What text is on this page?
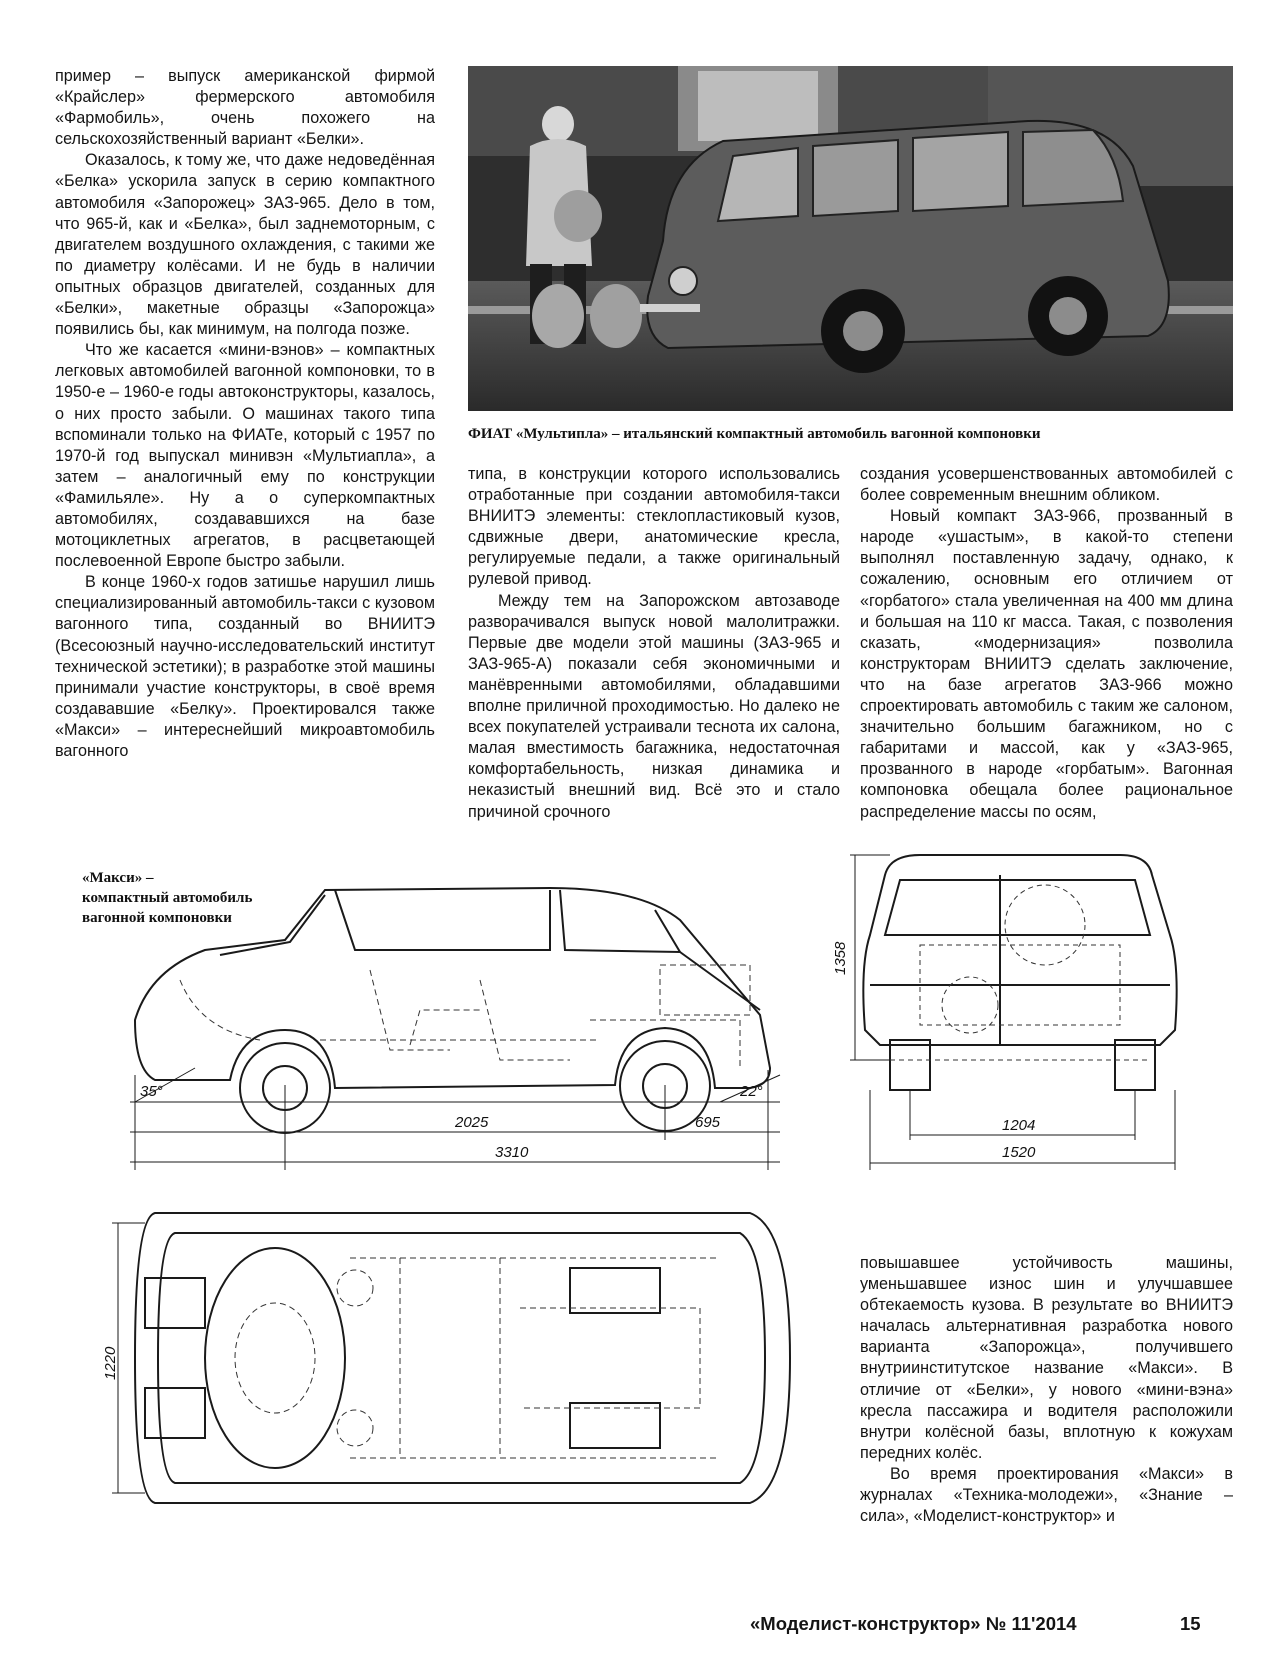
пример – выпуск американской фирмой «Крайслер» фермерского автомобиля «Фармобиль», очень похожего на сельскохозяйственный вариант «Белки».

Оказалось, к тому же, что даже недоведённая «Белка» ускорила запуск в серию компактного автомобиля «Запорожец» ЗАЗ-965. Дело в том, что 965-й, как и «Белка», был заднемоторным, с двигателем воздушного охлаждения, с такими же по диаметру колёсами. И не будь в наличии опытных образцов двигателей, созданных для «Белки», макетные образцы «Запорожца» появились бы, как минимум, на полгода позже.

Что же касается «мини-вэнов» – компактных легковых автомобилей вагонной компоновки, то в 1950-е – 1960-е годы автоконструкторы, казалось, о них просто забыли. О машинах такого типа вспоминали только на ФИАТе, который с 1957 по 1970-й год выпускал минивэн «Мультиапла», а затем – аналогичный ему по конструкции «Фамильяле». Ну а о суперкомпактных автомобилях, создававшихся на базе мотоциклетных агрегатов, в расцветающей послевоенной Европе быстро забыли.

В конце 1960-х годов затишье нарушил лишь специализированный автомобиль-такси с кузовом вагонного типа, созданный во ВНИИТЭ (Всесоюзный научно-исследовательский институт технической эстетики); в разработке этой машины принимали участие конструкторы, в своё время создававшие «Белку». Проектировался также «Макси» – интереснейший микроавтомобиль вагонного

ФИАТ «Мультипла» – итальянский компактный автомобиль вагонной компоновки

типа, в конструкции которого использовались отработанные при создании автомобиля-такси ВНИИТЭ элементы: стеклопластиковый кузов, сдвижные двери, анатомические кресла, регулируемые педали, а также оригинальный рулевой привод.

Между тем на Запорожском автозаводе разворачивался выпуск новой малолитражки. Первые две модели этой машины (ЗАЗ-965 и ЗАЗ-965-А) показали себя экономичными и манёвренными автомобилями, обладавшими вполне приличной проходимостью. Но далеко не всех покупателей устраивали теснота их салона, малая вместимость багажника, недостаточная комфортабельность, низкая динамика и неказистый внешний вид. Всё это и стало причиной срочного

создания усовершенствованных автомобилей с более современным внешним обликом.

Новый компакт ЗАЗ-966, прозванный в народе «ушастым», в какой-то степени выполнял поставленную задачу, однако, к сожалению, основным его отличием от «горбатого» стала увеличенная на 400 мм длина и большая на 110 кг масса. Такая, с позволения сказать, «модернизация» позволила конструкторам ВНИИТЭ сделать заключение, что на базе агрегатов ЗАЗ-966 можно спроектировать автомобиль с таким же салоном, значительно большим багажником, но с габаритами и массой, как у «ЗАЗ-965, прозванного в народе «горбатым». Вагонная компоновка обещала более рациональное распределение массы по осям,

«Макси» –
компактный автомобиль
вагонной компоновки
35°	22°
2025	695
3310
1358
1204
1520
1220

повышавшее устойчивость машины, уменьшавшее износ шин и улучшавшее обтекаемость кузова. В результате во ВНИИТЭ началась альтернативная разработка нового варианта «Запорожца», получившего внутриинститутское название «Макси». В отличие от «Белки», у нового «мини-вэна» кресла пассажира и водителя расположили внутри колёсной базы, вплотную к кожухам передних колёс.

Во время проектирования «Макси» в журналах «Техника-молодежи», «Знание – сила», «Моделист-конструктор» и

«Моделист-конструктор» № 11'2014	15
